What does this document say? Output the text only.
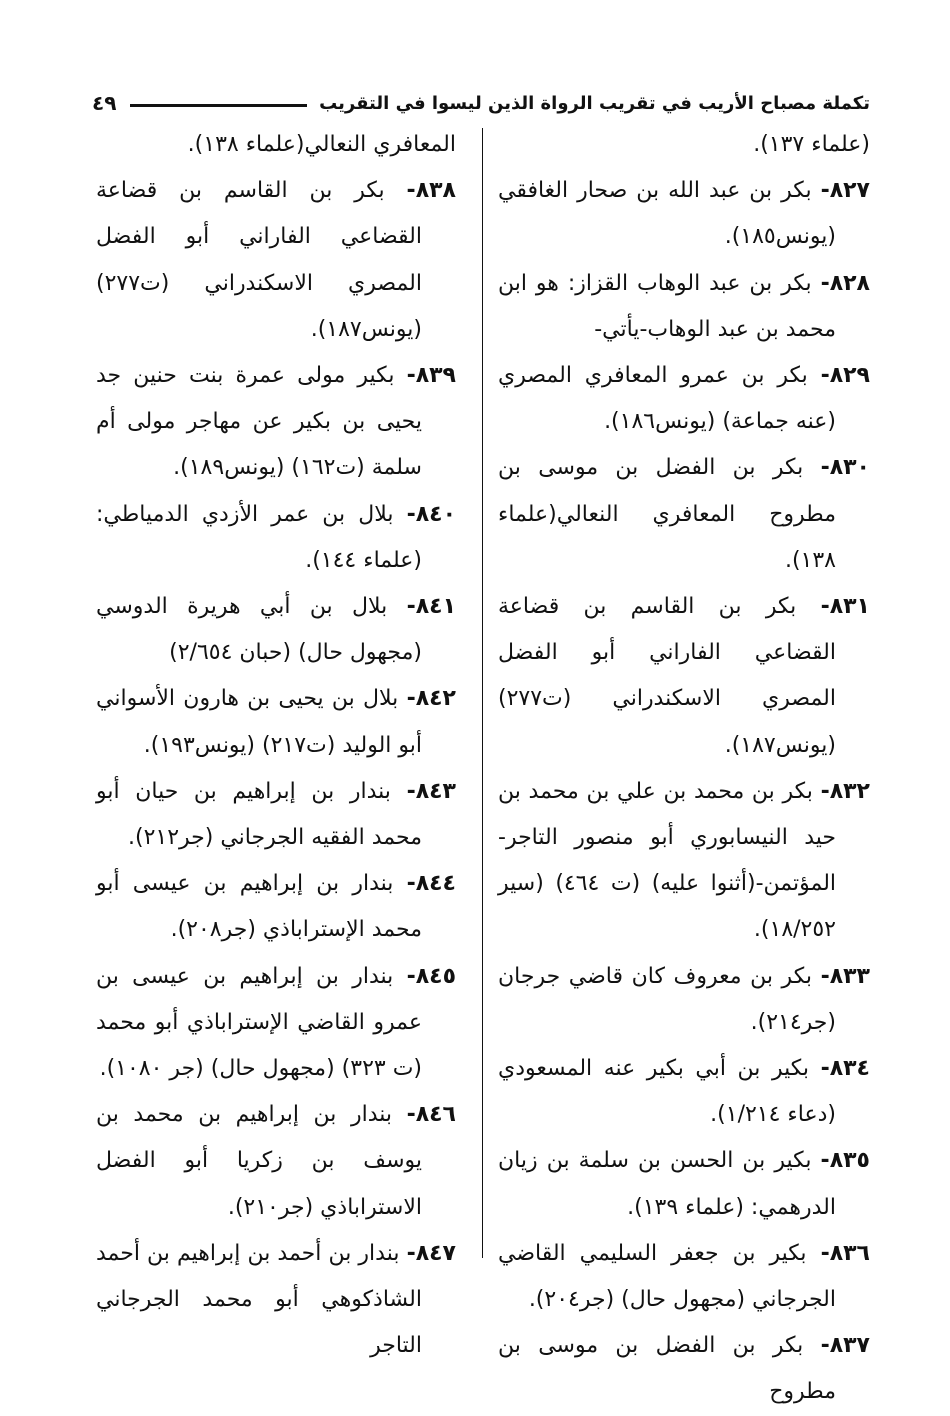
تكملة مصباح الأريب في تقريب الرواة الذين ليسوا في التقريب
٤٩

(علماء ١٣٧).

٨٢٧- بكر بن عبد الله بن صحار الغافقي (يونس١٨٥).

٨٢٨- بكر بن عبد الوهاب القزاز: هو ابن محمد بن عبد الوهاب-يأتي-

٨٢٩- بكر بن عمرو المعافري المصري (عنه جماعة) (يونس١٨٦).

٨٣٠- بكر بن الفضل بن موسى بن مطروح المعافري النعالي(علماء ١٣٨).

٨٣١- بكر بن القاسم بن قضاعة القضاعي الفاراني أبو الفضل المصري الاسكندراني (ت٢٧٧) (يونس١٨٧).

٨٣٢- بكر بن محمد بن علي بن محمد بن حيد النيسابوري أبو منصور التاجر-المؤتمن-(أثنوا عليه) (ت ٤٦٤) (سير ١٨/٢٥٢).

٨٣٣- بكر بن معروف كان قاضي جرجان (جر٢١٤).

٨٣٤- بكير بن أبي بكير عنه المسعودي (دعاء ١/٢١٤).

٨٣٥- بكير بن الحسن بن سلمة بن زيان الدرهمي: (علماء ١٣٩).

٨٣٦- بكير بن جعفر السليمي القاضي الجرجاني (مجهول حال) (جر٢٠٤).

٨٣٧- بكر بن الفضل بن موسى بن مطروح

المعافري النعالي(علماء ١٣٨).

٨٣٨- بكر بن القاسم بن قضاعة القضاعي الفاراني أبو الفضل المصري الاسكندراني (ت٢٧٧) (يونس١٨٧).

٨٣٩- بكير مولى عمرة بنت حنين جد يحيى بن بكير عن مهاجر مولى أم سلمة (ت١٦٢) (يونس١٨٩).

٨٤٠- بلال بن عمر الأزدي الدمياطي: (علماء ١٤٤).

٨٤١- بلال بن أبي هريرة الدوسي (مجهول حال) (حبان ٢/٦٥٤)

٨٤٢- بلال بن يحيى بن هارون الأسواني أبو الوليد (ت٢١٧) (يونس١٩٣).

٨٤٣- بندار بن إبراهيم بن حيان أبو محمد الفقيه الجرجاني (جر٢١٢).

٨٤٤- بندار بن إبراهيم بن عيسى أبو محمد الإستراباذي (جر٢٠٨).

٨٤٥- بندار بن إبراهيم بن عيسى بن عمرو القاضي الإستراباذي أبو محمد (ت ٣٢٣) (مجهول حال) (جر ١٠٨٠).

٨٤٦- بندار بن إبراهيم بن محمد بن يوسف بن زكريا أبو الفضل الاستراباذي (جر٢١٠).

٨٤٧- بندار بن أحمد بن إبراهيم بن أحمد الشاذكوهي أبو محمد الجرجاني التاجر
